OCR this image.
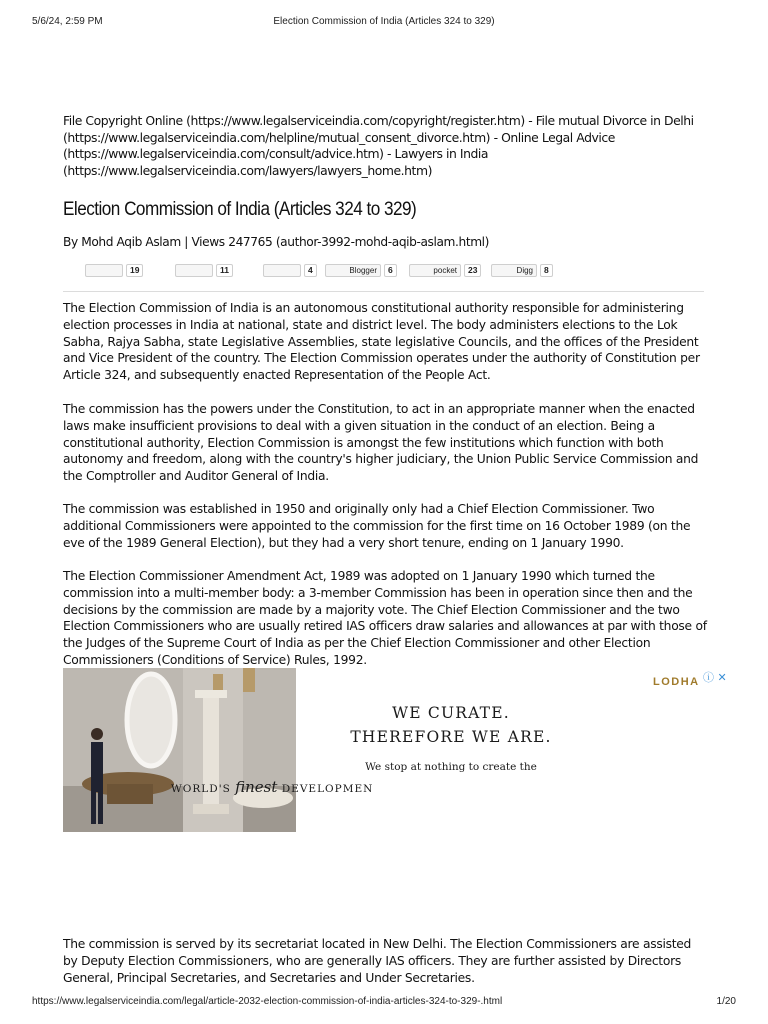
5/6/24, 2:59 PM	Election Commission of India (Articles 324 to 329)
File Copyright Online (https://www.legalserviceindia.com/copyright/register.htm) - File mutual Divorce in Delhi (https://www.legalserviceindia.com/helpline/mutual_consent_divorce.htm) - Online Legal Advice (https://www.legalserviceindia.com/consult/advice.htm) - Lawyers in India (https://www.legalserviceindia.com/lawyers/lawyers_home.htm)
Election Commission of India (Articles 324 to 329)
By Mohd Aqib Aslam | Views 247765 (author-3992-mohd-aqib-aslam.html)
19	11	4	Blogger	6	pocket	23	Digg	8

The Election Commission of India is an autonomous constitutional authority responsible for administering election processes in India at national, state and district level. The body administers elections to the Lok Sabha, Rajya Sabha, state Legislative Assemblies, state legislative Councils, and the offices of the President and Vice President of the country. The Election Commission operates under the authority of Constitution per Article 324, and subsequently enacted Representation of the People Act.

The commission has the powers under the Constitution, to act in an appropriate manner when the enacted laws make insufficient provisions to deal with a given situation in the conduct of an election. Being a constitutional authority, Election Commission is amongst the few institutions which function with both autonomy and freedom, along with the country's higher judiciary, the Union Public Service Commission and the Comptroller and Auditor General of India.

The commission was established in 1950 and originally only had a Chief Election Commissioner. Two additional Commissioners were appointed to the commission for the first time on 16 October 1989 (on the eve of the 1989 General Election), but they had a very short tenure, ending on 1 January 1990.

The Election Commissioner Amendment Act, 1989 was adopted on 1 January 1990 which turned the commission into a multi-member body: a 3-member Commission has been in operation since then and the decisions by the commission are made by a majority vote. The Chief Election Commissioner and the two Election Commissioners who are usually retired IAS officers draw salaries and allowances at par with those of the Judges of the Supreme Court of India as per the Chief Election Commissioner and other Election Commissioners (Conditions of Service) Rules, 1992.

WE CURATE.
THEREFORE WE ARE.
We stop at nothing to create the
WORLD'S finest DEVELOPMEN
LODHA ⓘ ✕

The commission is served by its secretariat located in New Delhi. The Election Commissioners are assisted by Deputy Election Commissioners, who are generally IAS officers. They are further assisted by Directors General, Principal Secretaries, and Secretaries and Under Secretaries.

https://www.legalserviceindia.com/legal/article-2032-election-commission-of-india-articles-324-to-329-.html	1/20
